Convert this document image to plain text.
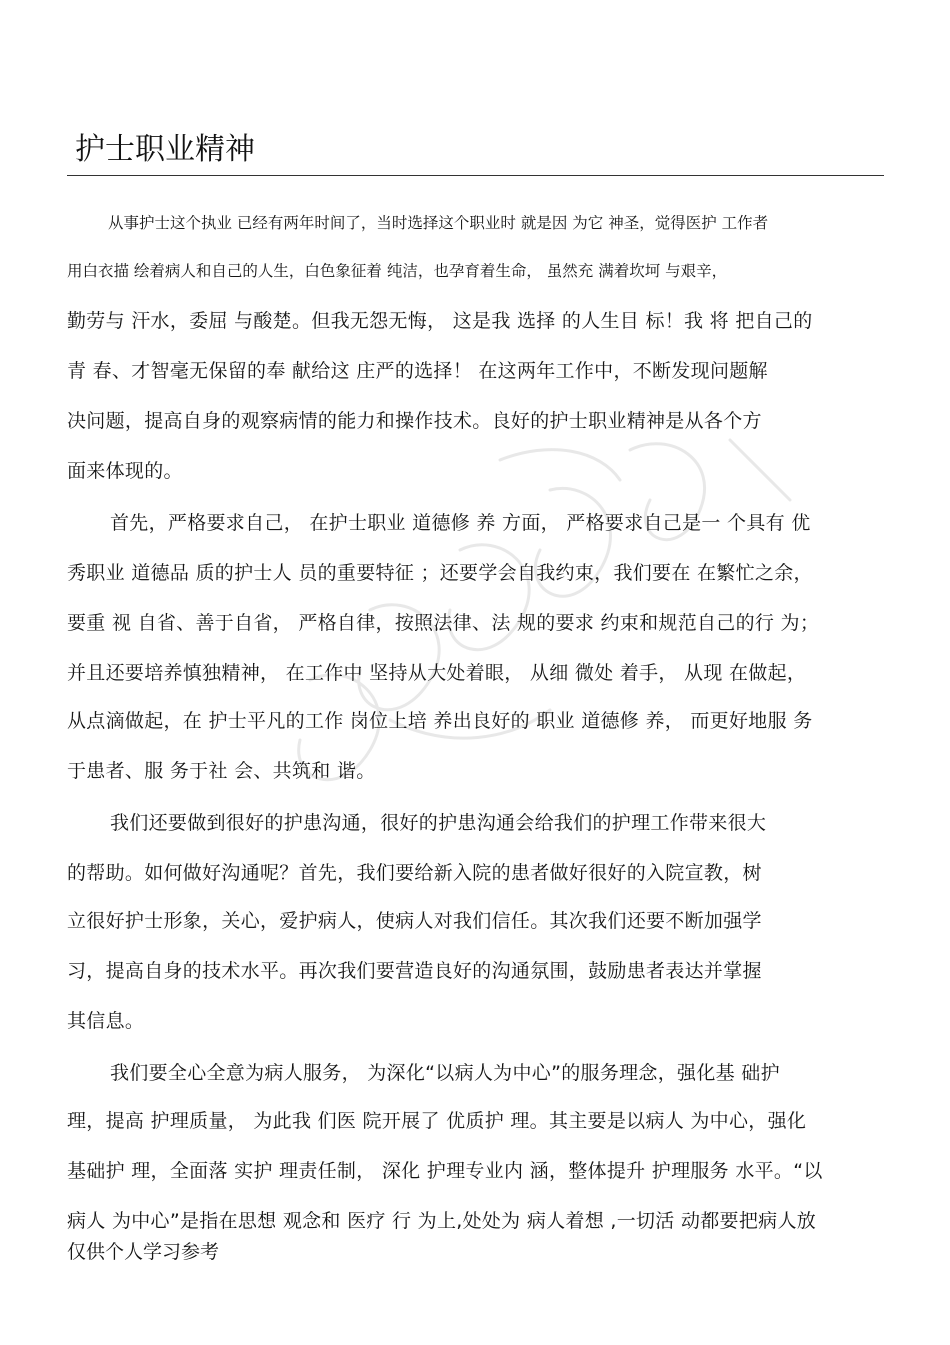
护士职业精神
从事护士这个执业 已经有两年时间了，当时选择这个职业时 就是因 为它 神圣，觉得医护 工作者
用白衣描 绘着病人和自己的人生，白色象征着 纯洁，也孕育着生命， 虽然充 满着坎坷 与艰辛，
勤劳与 汗水，委屈 与酸楚。但我无怨无悔， 这是我 选择 的人生目 标！我 将 把自己的
青 春、才智毫无保留的奉 献给这 庄严的选择！ 在这两年工作中，不断发现问题解
决问题，提高自身的观察病情的能力和操作技术。良好的护士职业精神是从各个方
面来体现的。
首先，严格要求自己， 在护士职业 道德修 养 方面， 严格要求自己是一 个具有 优
秀职业 道德品 质的护士人 员的重要特征 ；还要学会自我约束，我们要在 在繁忙之余，
要重 视 自省、善于自省， 严格自律，按照法律、法 规的要求 约束和规范自己的行 为；
并且还要培养慎独精神， 在工作中 坚持从大处着眼， 从细 微处 着手， 从现 在做起，
从点滴做起，在 护士平凡的工作 岗位上培 养出良好的 职业 道德修 养， 而更好地服 务
于患者、服 务于社 会、共筑和 谐。
我们还要做到很好的护患沟通，很好的护患沟通会给我们的护理工作带来很大
的帮助。如何做好沟通呢？首先，我们要给新入院的患者做好很好的入院宣教，树
立很好护士形象，关心，爱护病人，使病人对我们信任。其次我们还要不断加强学
习，提高自身的技术水平。再次我们要营造良好的沟通氛围，鼓励患者表达并掌握
其信息。
我们要全心全意为病人服务， 为深化“以病人为中心”的服务理念，强化基 础护
理，提高 护理质量， 为此我 们医 院开展了 优质护 理。其主要是以病人 为中心，强化
基础护 理，全面落 实护 理责任制， 深化 护理专业内 涵，整体提升 护理服务 水平。“以
病人 为中心”是指在思想 观念和 医疗 行 为上,处处为 病人着想 ,一切活 动都要把病人放
仅供个人学习参考
